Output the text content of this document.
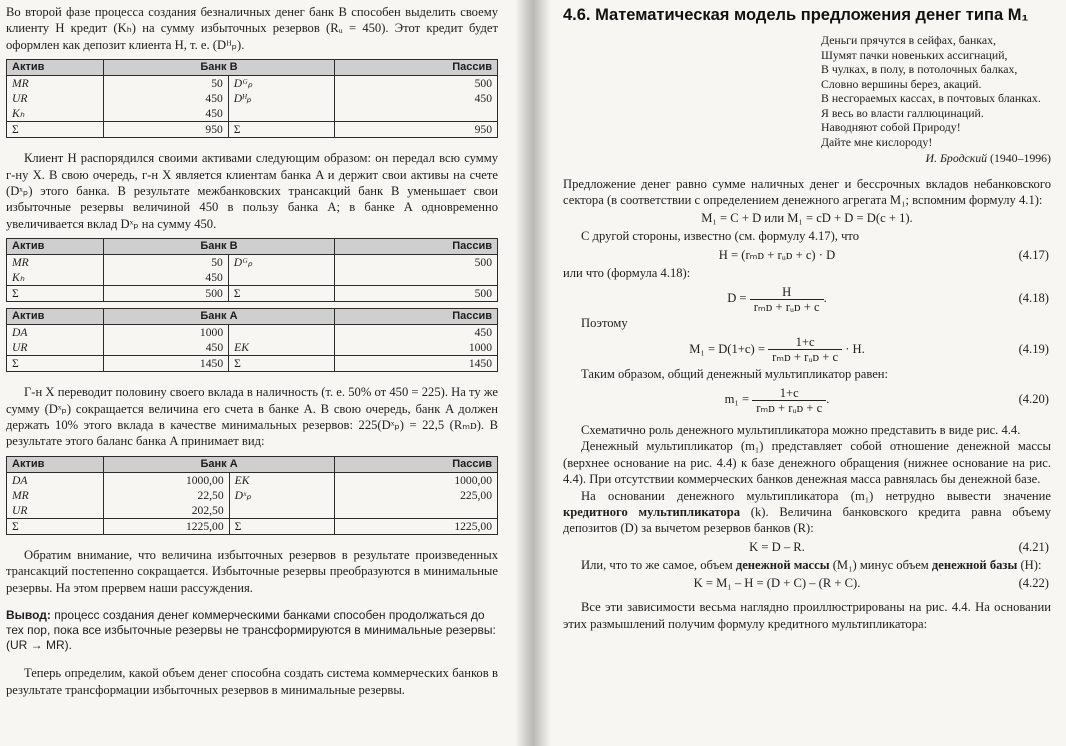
Во второй фазе процесса создания безналичных денег банк B способен выделить своему клиенту H кредит (Kₕ) на сумму избыточных резервов (Rᵤ = 450). Этот кредит будет оформлен как депозит клиента H, т. е. (Dᴴₚ).

Актив	Банк B		Пассив
MR	50	Dᴳₚ	500
UR	450	Dᴴₚ	450
Kₕ	450		
Σ	950	Σ	950

Клиент H распорядился своими активами следующим образом: он передал всю сумму г-ну X. В свою очередь, г-н X является клиентам банка A и держит свои активы на счете (Dˣₚ) этого банка. В результате межбанковских трансакций банк B уменьшает свои избыточные резервы величиной 450 в пользу банка A; в банке A одновременно увеличивается вклад Dˣₚ на сумму 450.

Актив	Банк B		Пассив
MR	50	Dᴳₚ	500
Kₕ	450		
Σ	500	Σ	500
Актив	Банк A		Пассив
DA	1000		450
UR	450	EK	1000
Σ	1450	Σ	1450

Г-н X переводит половину своего вклада в наличность (т. е. 50% от 450 = 225). На ту же сумму (Dˣₚ) сокращается величина его счета в банке A. В свою очередь, банк A должен держать 10% этого вклада в качестве минимальных резервов: 225(Dˣₚ) = 22,5 (Rₘᴅ). В результате этого баланс банка A принимает вид:

Актив	Банк A		Пассив
DA	1000,00	EK	1000,00
MR	22,50	Dˣₚ	225,00
UR	202,50		
Σ	1225,00	Σ	1225,00

Обратим внимание, что величина избыточных резервов в результате произведенных трансакций постепенно сокращается. Избыточные резервы преобразуются в минимальные резервы. На этом прервем наши рассуждения.

Вывод: процесс создания денег коммерческими банками способен продолжаться до тех пор, пока все избыточные резервы не трансформируются в минимальные резервы: (UR → MR).

Теперь определим, какой объем денег способна создать система коммерческих банков в результате трансформации избыточных резервов в минимальные резервы.

4.6. Математическая модель предложения денег типа M₁
Деньги прячутся в сейфах, банках,
Шумят пачки новеньких ассигнаций,
В чулках, в полу, в потолочных балках,
Словно вершины берез, акаций.
В несгораемых кассах, в почтовых бланках.
Я весь во власти галлюцинаций.
Наводняют собой Природу!
Дайте мне кислороду!
И. Бродский (1940–1996)

Предложение денег равно сумме наличных денег и бессрочных вкладов небанковского сектора (в соответствии с определением денежного агрегата M₁; вспомним формулу 4.1):

M₁ = C + D или M₁ = cD + D = D(c + 1).

С другой стороны, известно (см. формулу 4.17), что

H = (rₘᴅ + rᵤᴅ + c) · D	(4.17)

или что (формула 4.18):

$D = \frac{H}{\text{rₘᴅ + rᵤᴅ + c}}$ .	(4.18)

Поэтому

$M_1 = D(1+c) = \frac{1+c}{\text{rₘᴅ + rᵤᴅ + c}} \cdot H$.	(4.19)

Таким образом, общий денежный мультипликатор равен:

$m_1 = \frac{1+c}{\text{rₘᴅ + rᵤᴅ + c}}$ .	(4.20)

Схематично роль денежного мультипликатора можно представить в виде рис. 4.4.

Денежный мультипликатор (m₁) представляет собой отношение денежной массы (верхнее основание на рис. 4.4) к базе денежного обращения (нижнее основание на рис. 4.4). При отсутствии коммерческих банков денежная масса равнялась бы денежной базе.

На основании денежного мультипликатора (m₁) нетрудно вывести значение кредитного мультипликатора (k). Величина банковского кредита равна объему депозитов (D) за вычетом резервов банков (R):

K = D – R.	(4.21)

Или, что то же самое, объем денежной массы (M₁) минус объем денежной базы (H):

K = M₁ – H = (D + C) – (R + C).	(4.22)

Все эти зависимости весьма наглядно проиллюстрированы на рис. 4.4. На основании этих размышлений получим формулу кредитного мультипликатора:
